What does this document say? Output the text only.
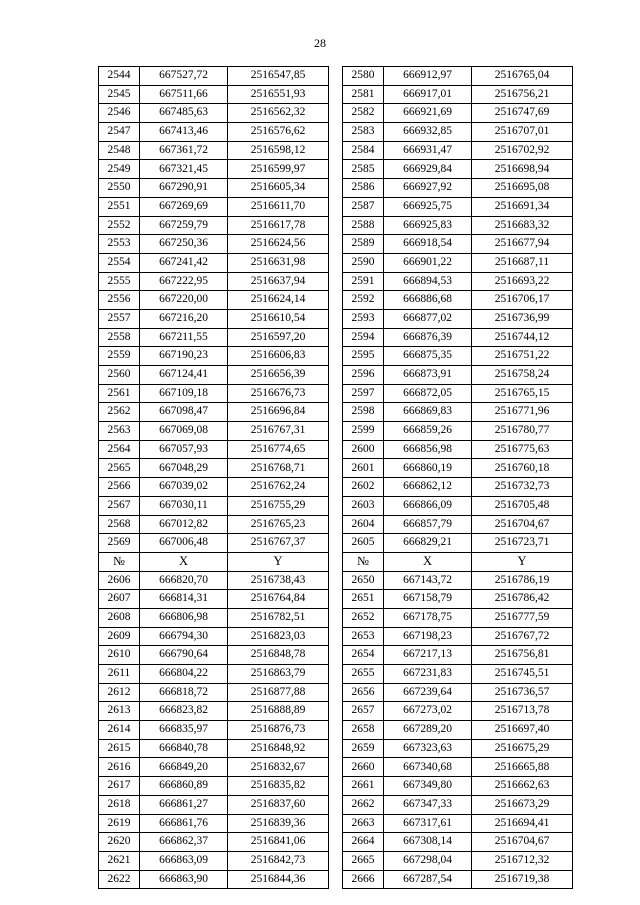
28
2544	667527,72	2516547,85		2580	666912,97	2516765,04
2545	667511,66	2516551,93		2581	666917,01	2516756,21
2546	667485,63	2516562,32		2582	666921,69	2516747,69
2547	667413,46	2516576,62		2583	666932,85	2516707,01
2548	667361,72	2516598,12		2584	666931,47	2516702,92
2549	667321,45	2516599,97		2585	666929,84	2516698,94
2550	667290,91	2516605,34		2586	666927,92	2516695,08
2551	667269,69	2516611,70		2587	666925,75	2516691,34
2552	667259,79	2516617,78		2588	666925,83	2516683,32
2553	667250,36	2516624,56		2589	666918,54	2516677,94
2554	667241,42	2516631,98		2590	666901,22	2516687,11
2555	667222,95	2516637,94		2591	666894,53	2516693,22
2556	667220,00	2516624,14		2592	666886,68	2516706,17
2557	667216,20	2516610,54		2593	666877,02	2516736,99
2558	667211,55	2516597,20		2594	666876,39	2516744,12
2559	667190,23	2516606,83		2595	666875,35	2516751,22
2560	667124,41	2516656,39		2596	666873,91	2516758,24
2561	667109,18	2516676,73		2597	666872,05	2516765,15
2562	667098,47	2516696,84		2598	666869,83	2516771,96
2563	667069,08	2516767,31		2599	666859,26	2516780,77
2564	667057,93	2516774,65		2600	666856,98	2516775,63
2565	667048,29	2516768,71		2601	666860,19	2516760,18
2566	667039,02	2516762,24		2602	666862,12	2516732,73
2567	667030,11	2516755,29		2603	666866,09	2516705,48
2568	667012,82	2516765,23		2604	666857,79	2516704,67
2569	667006,48	2516767,37		2605	666829,21	2516723,71
№	X	Y		№	X	Y
2606	666820,70	2516738,43		2650	667143,72	2516786,19
2607	666814,31	2516764,84		2651	667158,79	2516786,42
2608	666806,98	2516782,51		2652	667178,75	2516777,59
2609	666794,30	2516823,03		2653	667198,23	2516767,72
2610	666790,64	2516848,78		2654	667217,13	2516756,81
2611	666804,22	2516863,79		2655	667231,83	2516745,51
2612	666818,72	2516877,88		2656	667239,64	2516736,57
2613	666823,82	2516888,89		2657	667273,02	2516713,78
2614	666835,97	2516876,73		2658	667289,20	2516697,40
2615	666840,78	2516848,92		2659	667323,63	2516675,29
2616	666849,20	2516832,67		2660	667340,68	2516665,88
2617	666860,89	2516835,82		2661	667349,80	2516662,63
2618	666861,27	2516837,60		2662	667347,33	2516673,29
2619	666861,76	2516839,36		2663	667317,61	2516694,41
2620	666862,37	2516841,06		2664	667308,14	2516704,67
2621	666863,09	2516842,73		2665	667298,04	2516712,32
2622	666863,90	2516844,36		2666	667287,54	2516719,38
